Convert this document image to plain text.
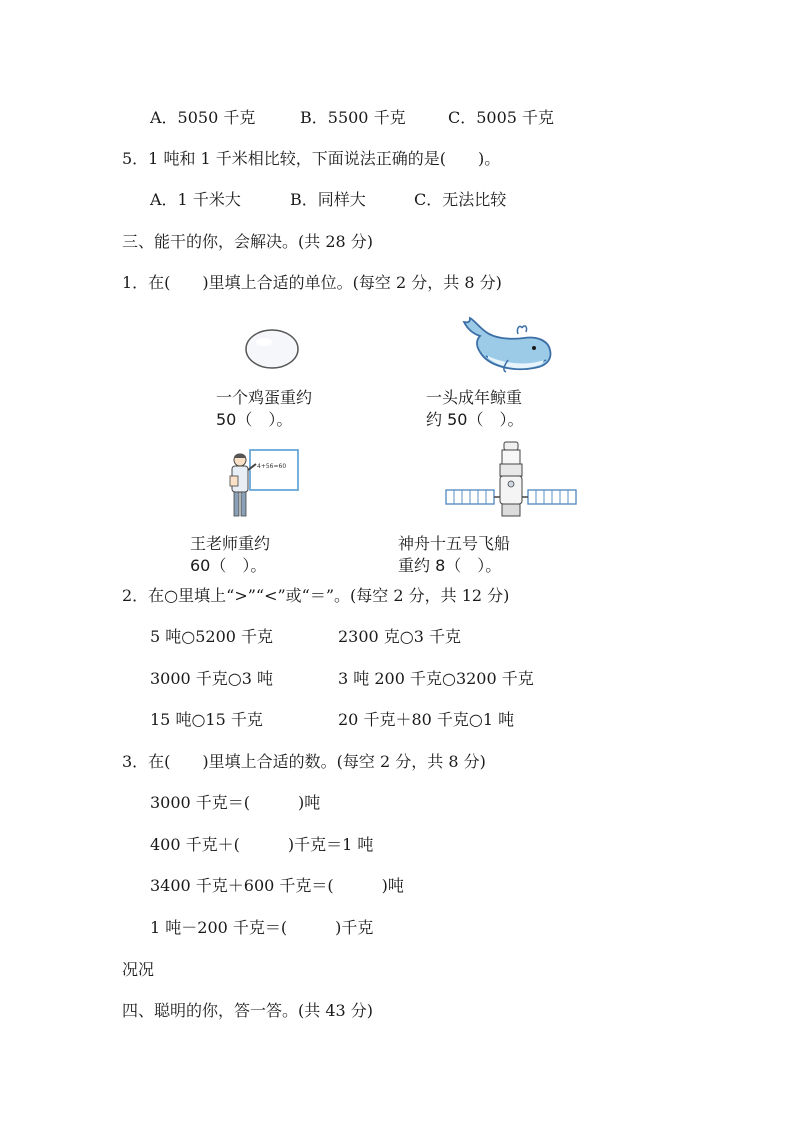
A．5050 千克	B．5500 千克	C．5005 千克
5．1 吨和 1 千米相比较，下面说法正确的是(　　)。
A．1 千米大	B．同样大	C．无法比较
三、能干的你，会解决。(共 28 分)
1．在(　　)里填上合适的单位。(每空 2 分，共 8 分)
一个鸡蛋重约
50（　）。
一头成年鲸重
约 50（　）。
4+56=60
王老师重约
60（　）。
神舟十五号飞船
重约 8（　）。
2．在○里填上“>”“<”或“＝”。(每空 2 分，共 12 分)
5 吨○5200 千克	2300 克○3 千克
3000 千克○3 吨	3 吨 200 千克○3200 千克
15 吨○15 千克	20 千克＋80 千克○1 吨
3．在(　　)里填上合适的数。(每空 2 分，共 8 分)
3000 千克＝(　　　)吨
400 千克＋(　　　)千克＝1 吨
3400 千克＋600 千克＝(　　　)吨
1 吨－200 千克＝(　　　)千克
况况
四、聪明的你，答一答。(共 43 分)
